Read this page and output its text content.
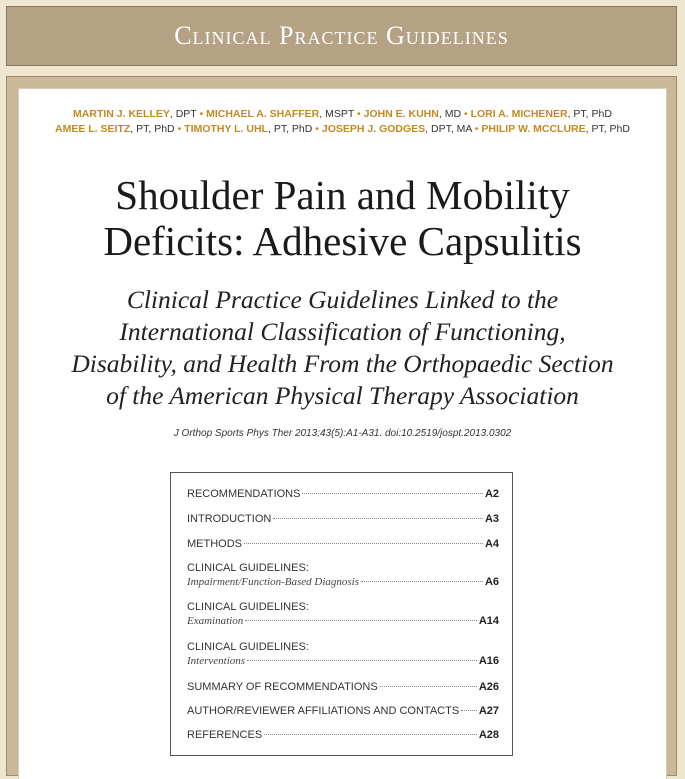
Clinical Practice Guidelines
MARTIN J. KELLEY, DPT • MICHAEL A. SHAFFER, MSPT • JOHN E. KUHN, MD • LORI A. MICHENER, PT, PhD
AMEE L. SEITZ, PT, PhD • TIMOTHY L. UHL, PT, PhD • JOSEPH J. GODGES, DPT, MA • PHILIP W. MCCLURE, PT, PhD
Shoulder Pain and Mobility
Deficits: Adhesive Capsulitis
Clinical Practice Guidelines Linked to the
International Classification of Functioning,
Disability, and Health From the Orthopaedic Section
of the American Physical Therapy Association
J Orthop Sports Phys Ther 2013;43(5):A1-A31. doi:10.2519/jospt.2013.0302
RECOMMENDATIONS	A2
INTRODUCTION	A3
METHODS	A4
CLINICAL GUIDELINES:
Impairment/Function-Based Diagnosis	A6
CLINICAL GUIDELINES:
Examination	A14
CLINICAL GUIDELINES:
Interventions	A16
SUMMARY OF RECOMMENDATIONS	A26
AUTHOR/REVIEWER AFFILIATIONS AND CONTACTS A27
REFERENCES	A28
